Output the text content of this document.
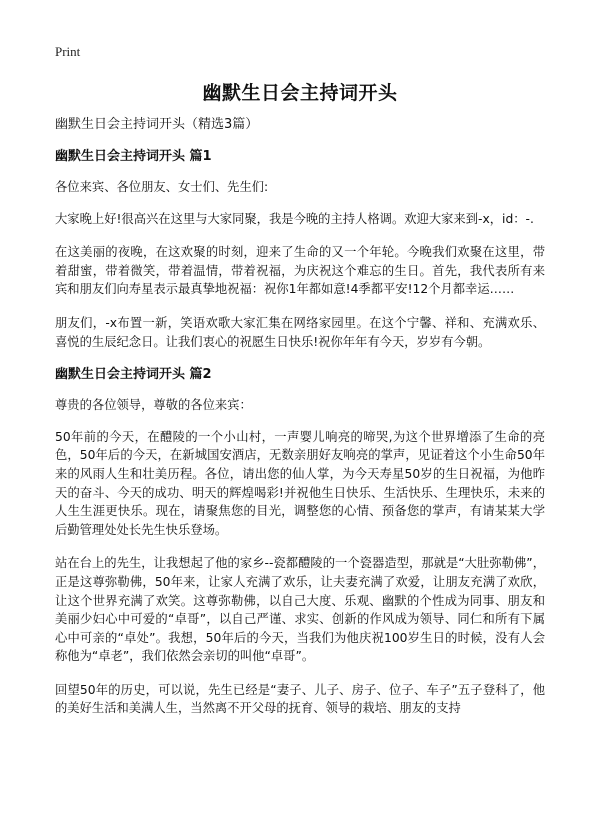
Print
幽默生日会主持词开头
幽默生日会主持词开头（精选3篇）
幽默生日会主持词开头 篇1
各位来宾、各位朋友、女士们、先生们:
大家晚上好!很高兴在这里与大家同聚，我是今晚的主持人格调。欢迎大家来到-x，id：-.
在这美丽的夜晚，在这欢聚的时刻，迎来了生命的又一个年轮。今晚我们欢聚在这里，带着甜蜜，带着微笑，带着温情，带着祝福，为庆祝这个难忘的生日。首先，我代表所有来宾和朋友们向寿星表示最真挚地祝福：祝你1年都如意!4季都平安!12个月都幸运……
朋友们，-x布置一新，笑语欢歌大家汇集在网络家园里。在这个宁馨、祥和、充满欢乐、喜悦的生辰纪念日。让我们衷心的祝愿生日快乐!祝你年年有今天，岁岁有今朝。
幽默生日会主持词开头 篇2
尊贵的各位领导，尊敬的各位来宾：
50年前的今天，在醴陵的一个小山村，一声婴儿响亮的啼哭,为这个世界增添了生命的亮色，50年后的今天，在新城国安酒店，无数亲朋好友响亮的掌声，见证着这个小生命50年来的风雨人生和壮美历程。各位，请出您的仙人掌，为今天寿星50岁的生日祝福，为他昨天的奋斗、今天的成功、明天的辉煌喝彩!并祝他生日快乐、生活快乐、生理快乐，未来的人生生涯更快乐。现在，请聚焦您的目光，调整您的心情、预备您的掌声，有请某某大学后勤管理处处长先生快乐登场。
站在台上的先生，让我想起了他的家乡--瓷都醴陵的一个瓷器造型，那就是“大肚弥勒佛”，正是这尊弥勒佛，50年来，让家人充满了欢乐，让夫妻充满了欢爱，让朋友充满了欢欣，让这个世界充满了欢笑。这尊弥勒佛，以自己大度、乐观、幽默的个性成为同事、朋友和美丽少妇心中可爱的“卓哥”，以自己严谨、求实、创新的作风成为领导、同仁和所有下属心中可亲的“卓处”。我想，50年后的今天，当我们为他庆祝100岁生日的时候，没有人会称他为“卓老”，我们依然会亲切的叫他“卓哥”。
回望50年的历史，可以说，先生已经是“妻子、儿子、房子、位子、车子”五子登科了，他的美好生活和美满人生，当然离不开父母的抚育、领导的栽培、朋友的支持
